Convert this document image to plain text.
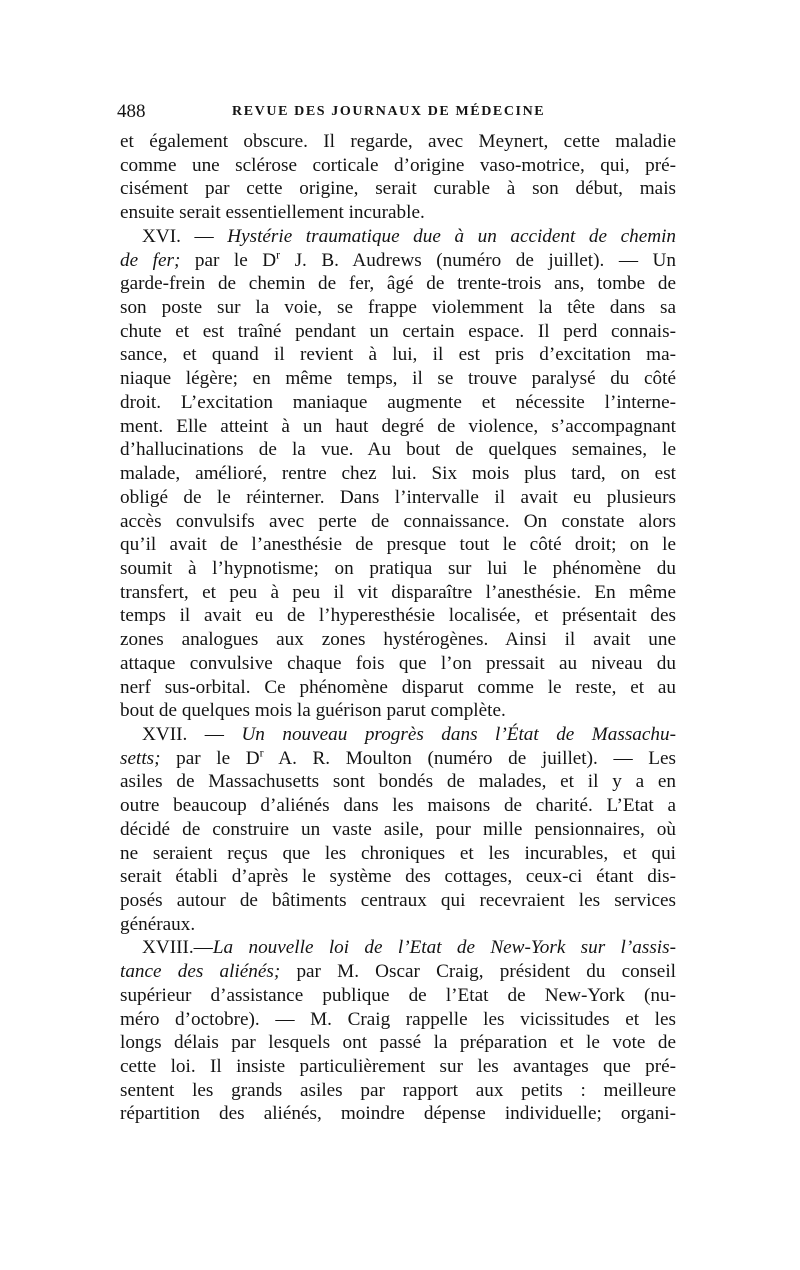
488	REVUE DES JOURNAUX DE MÉDECINE
et également obscure. Il regarde, avec Meynert, cette maladie
comme une sclérose corticale d’origine vaso-motrice, qui, pré-
cisément par cette origine, serait curable à son début, mais
ensuite serait essentiellement incurable.
XVI. — Hystérie traumatique due à un accident de chemin
de fer; par le $D^r$ J. B. Audrews (numéro de juillet). — Un
garde-frein de chemin de fer, âgé de trente-trois ans, tombe de
son poste sur la voie, se frappe violemment la tête dans sa
chute et est traîné pendant un certain espace. Il perd connais-
sance, et quand il revient à lui, il est pris d’excitation ma-
niaque légère; en même temps, il se trouve paralysé du côté
droit. L’excitation maniaque augmente et nécessite l’interne-
ment. Elle atteint à un haut degré de violence, s’accompagnant
d’hallucinations de la vue. Au bout de quelques semaines, le
malade, amélioré, rentre chez lui. Six mois plus tard, on est
obligé de le réinterner. Dans l’intervalle il avait eu plusieurs
accès convulsifs avec perte de connaissance. On constate alors
qu’il avait de l’anesthésie de presque tout le côté droit; on le
soumit à l’hypnotisme; on pratiqua sur lui le phénomène du
transfert, et peu à peu il vit disparaître l’anesthésie. En même
temps il avait eu de l’hyperesthésie localisée, et présentait des
zones analogues aux zones hystérogènes. Ainsi il avait une
attaque convulsive chaque fois que l’on pressait au niveau du
nerf sus-orbital. Ce phénomène disparut comme le reste, et au
bout de quelques mois la guérison parut complète.
XVII. — Un nouveau progrès dans l’État de Massachu-
setts; par le $D^r$ A. R. Moulton (numéro de juillet). — Les
asiles de Massachusetts sont bondés de malades, et il y a en
outre beaucoup d’aliénés dans les maisons de charité. L’Etat a
décidé de construire un vaste asile, pour mille pensionnaires, où
ne seraient reçus que les chroniques et les incurables, et qui
serait établi d’après le système des cottages, ceux-ci étant dis-
posés autour de bâtiments centraux qui recevraient les services
généraux.
XVIII.—La nouvelle loi de l’Etat de New-York sur l’assis-
tance des aliénés; par M. Oscar Craig, président du conseil
supérieur d’assistance publique de l’Etat de New-York (nu-
méro d’octobre). — M. Craig rappelle les vicissitudes et les
longs délais par lesquels ont passé la préparation et le vote de
cette loi. Il insiste particulièrement sur les avantages que pré-
sentent les grands asiles par rapport aux petits : meilleure
répartition des aliénés, moindre dépense individuelle; organi-
